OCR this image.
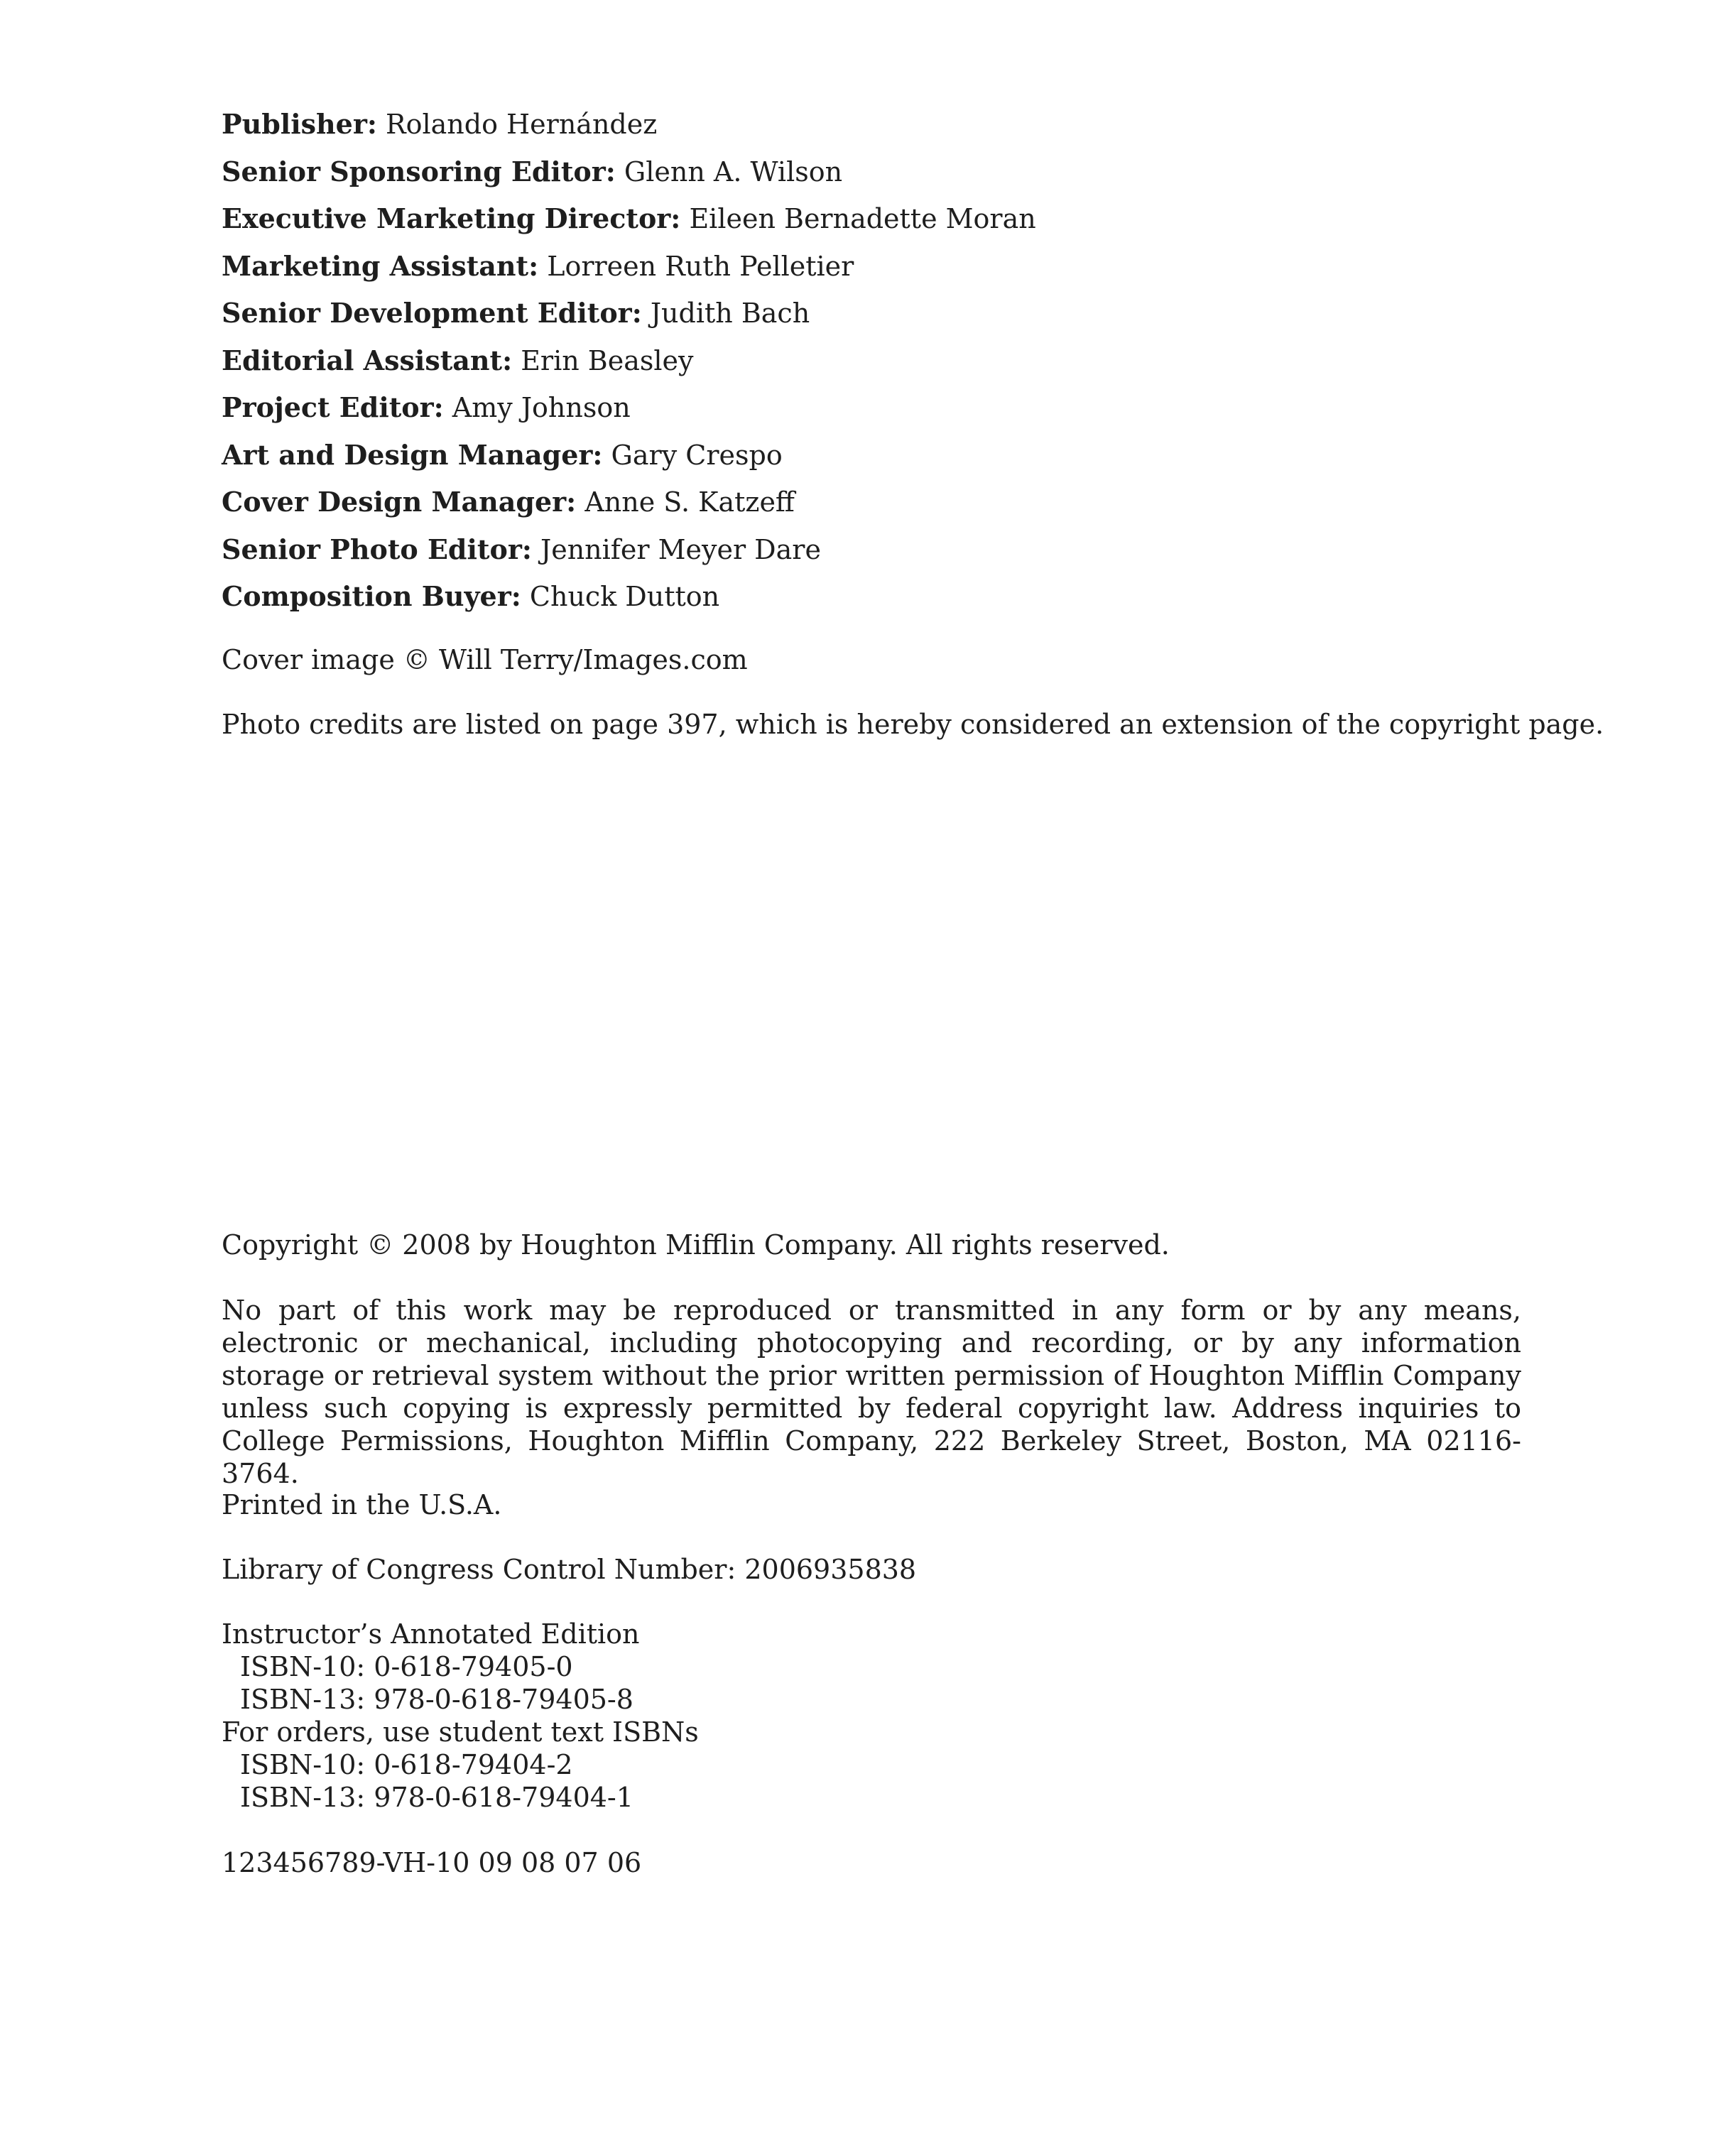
Publisher: Rolando Hernández
Senior Sponsoring Editor: Glenn A. Wilson
Executive Marketing Director: Eileen Bernadette Moran
Marketing Assistant: Lorreen Ruth Pelletier
Senior Development Editor: Judith Bach
Editorial Assistant: Erin Beasley
Project Editor: Amy Johnson
Art and Design Manager: Gary Crespo
Cover Design Manager: Anne S. Katzeff
Senior Photo Editor: Jennifer Meyer Dare
Composition Buyer: Chuck Dutton
Cover image © Will Terry/Images.com
Photo credits are listed on page 397, which is hereby considered an extension of the copyright page.
Copyright © 2008 by Houghton Mifflin Company. All rights reserved.
No part of this work may be reproduced or transmitted in any form or by any means, electronic or mechanical, including photocopying and recording, or by any information storage or retrieval system without the prior written permission of Houghton Mifflin Company unless such copying is expressly permitted by federal copyright law. Address inquiries to College Permissions, Houghton Mifflin Company, 222 Berkeley Street, Boston, MA 02116-3764.
Printed in the U.S.A.
Library of Congress Control Number: 2006935838

Instructor’s Annotated Edition

ISBN-10: 0-618-79405-0

ISBN-13: 978-0-618-79405-8

For orders, use student text ISBNs

ISBN-10: 0-618-79404-2

ISBN-13: 978-0-618-79404-1

123456789-VH-10 09 08 07 06
